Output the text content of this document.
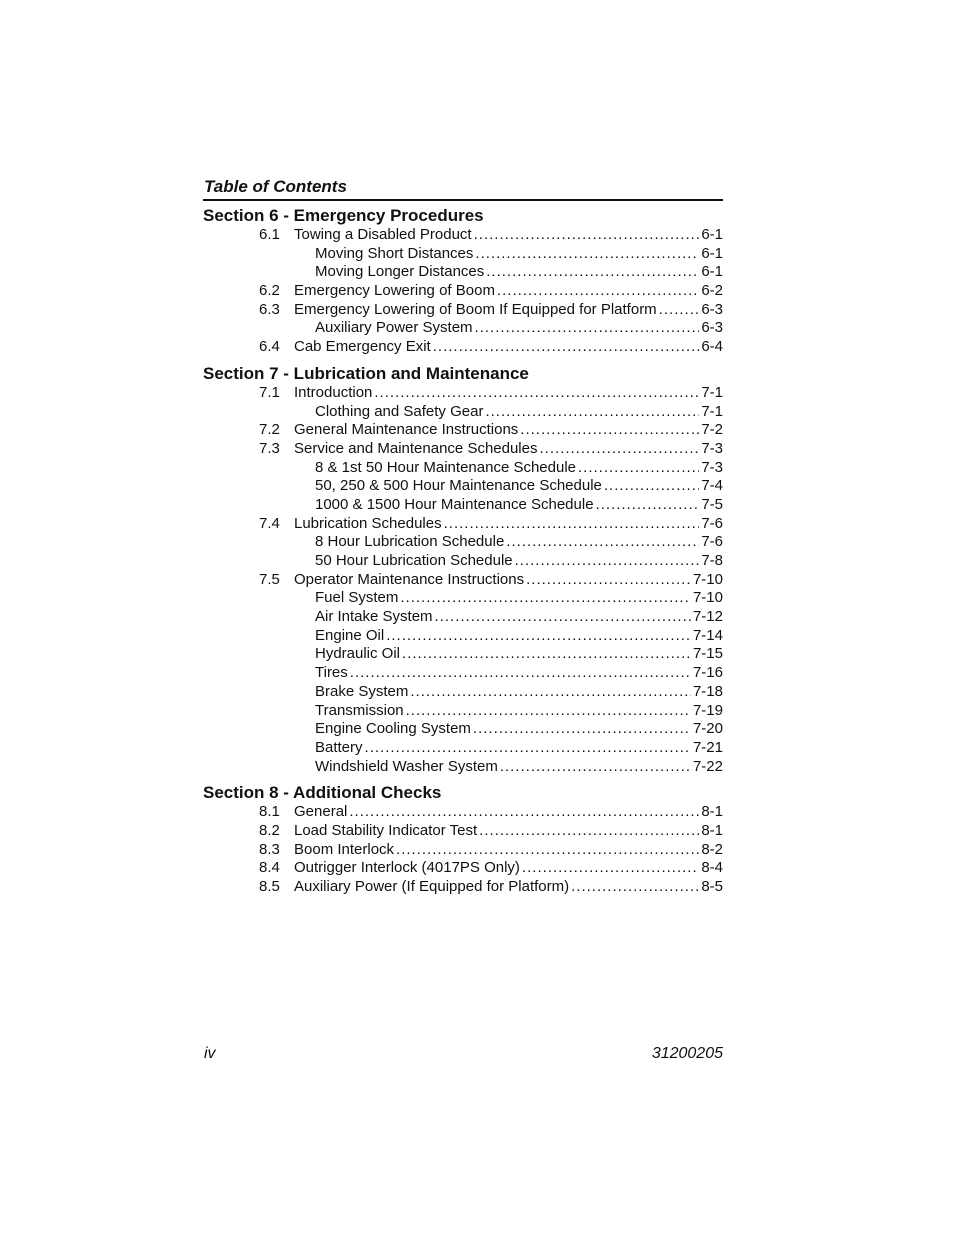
Table of Contents
Section 6 - Emergency Procedures
6.1 Towing a Disabled Product .....	6-1
Moving Short Distances .....	6-1
Moving Longer Distances .....	6-1
6.2 Emergency Lowering of Boom .....	6-2
6.3 Emergency Lowering of Boom If Equipped for Platform .....	6-3
Auxiliary Power System .....	6-3
6.4 Cab Emergency Exit .....	6-4
Section 7 - Lubrication and Maintenance
7.1 Introduction .....	7-1
Clothing and Safety Gear .....	7-1
7.2 General Maintenance Instructions .....	7-2
7.3 Service and Maintenance Schedules .....	7-3
8 & 1st 50 Hour Maintenance Schedule .....	7-3
50, 250 & 500 Hour Maintenance Schedule .....	7-4
1000 & 1500 Hour Maintenance Schedule .....	7-5
7.4 Lubrication Schedules .....	7-6
8 Hour Lubrication Schedule .....	7-6
50 Hour Lubrication Schedule .....	7-8
7.5 Operator Maintenance Instructions .....	7-10
Fuel System .....	7-10
Air Intake System .....	7-12
Engine Oil .....	7-14
Hydraulic Oil .....	7-15
Tires .....	7-16
Brake System .....	7-18
Transmission .....	7-19
Engine Cooling System .....	7-20
Battery .....	7-21
Windshield Washer System .....	7-22
Section 8 - Additional Checks
8.1 General .....	8-1
8.2 Load Stability Indicator Test .....	8-1
8.3 Boom Interlock .....	8-2
8.4 Outrigger Interlock (4017PS Only) .....	8-4
8.5 Auxiliary Power (If Equipped for Platform) .....	8-5
iv	31200205
